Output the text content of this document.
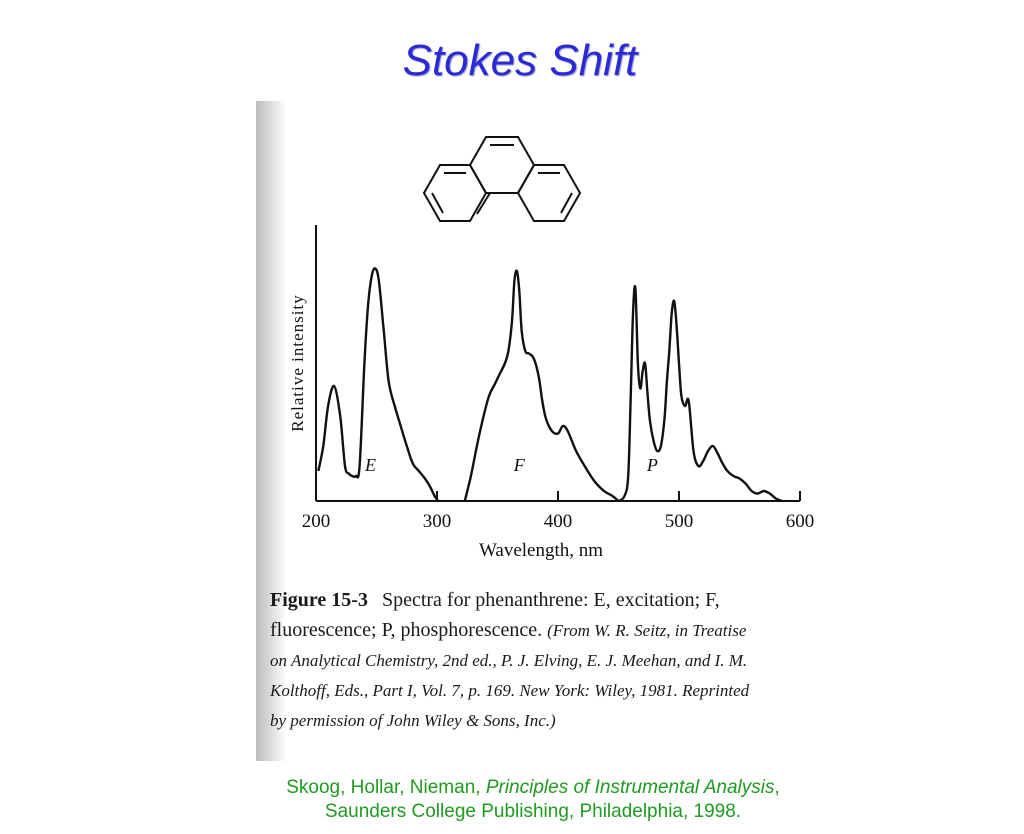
Stokes Shift
200	300	400	500	600
E	F	P
Wavelength, nm
Relative intensity
Figure 15-3 Spectra for phenanthrene: E, excitation; F,
fluorescence; P, phosphorescence. (From W. R. Seitz, in Treatise
on Analytical Chemistry, 2nd ed., P. J. Elving, E. J. Meehan, and I. M.
Kolthoff, Eds., Part I, Vol. 7, p. 169. New York: Wiley, 1981. Reprinted
by permission of John Wiley & Sons, Inc.)
Skoog, Hollar, Nieman, Principles of Instrumental Analysis,
Saunders College Publishing, Philadelphia, 1998.
